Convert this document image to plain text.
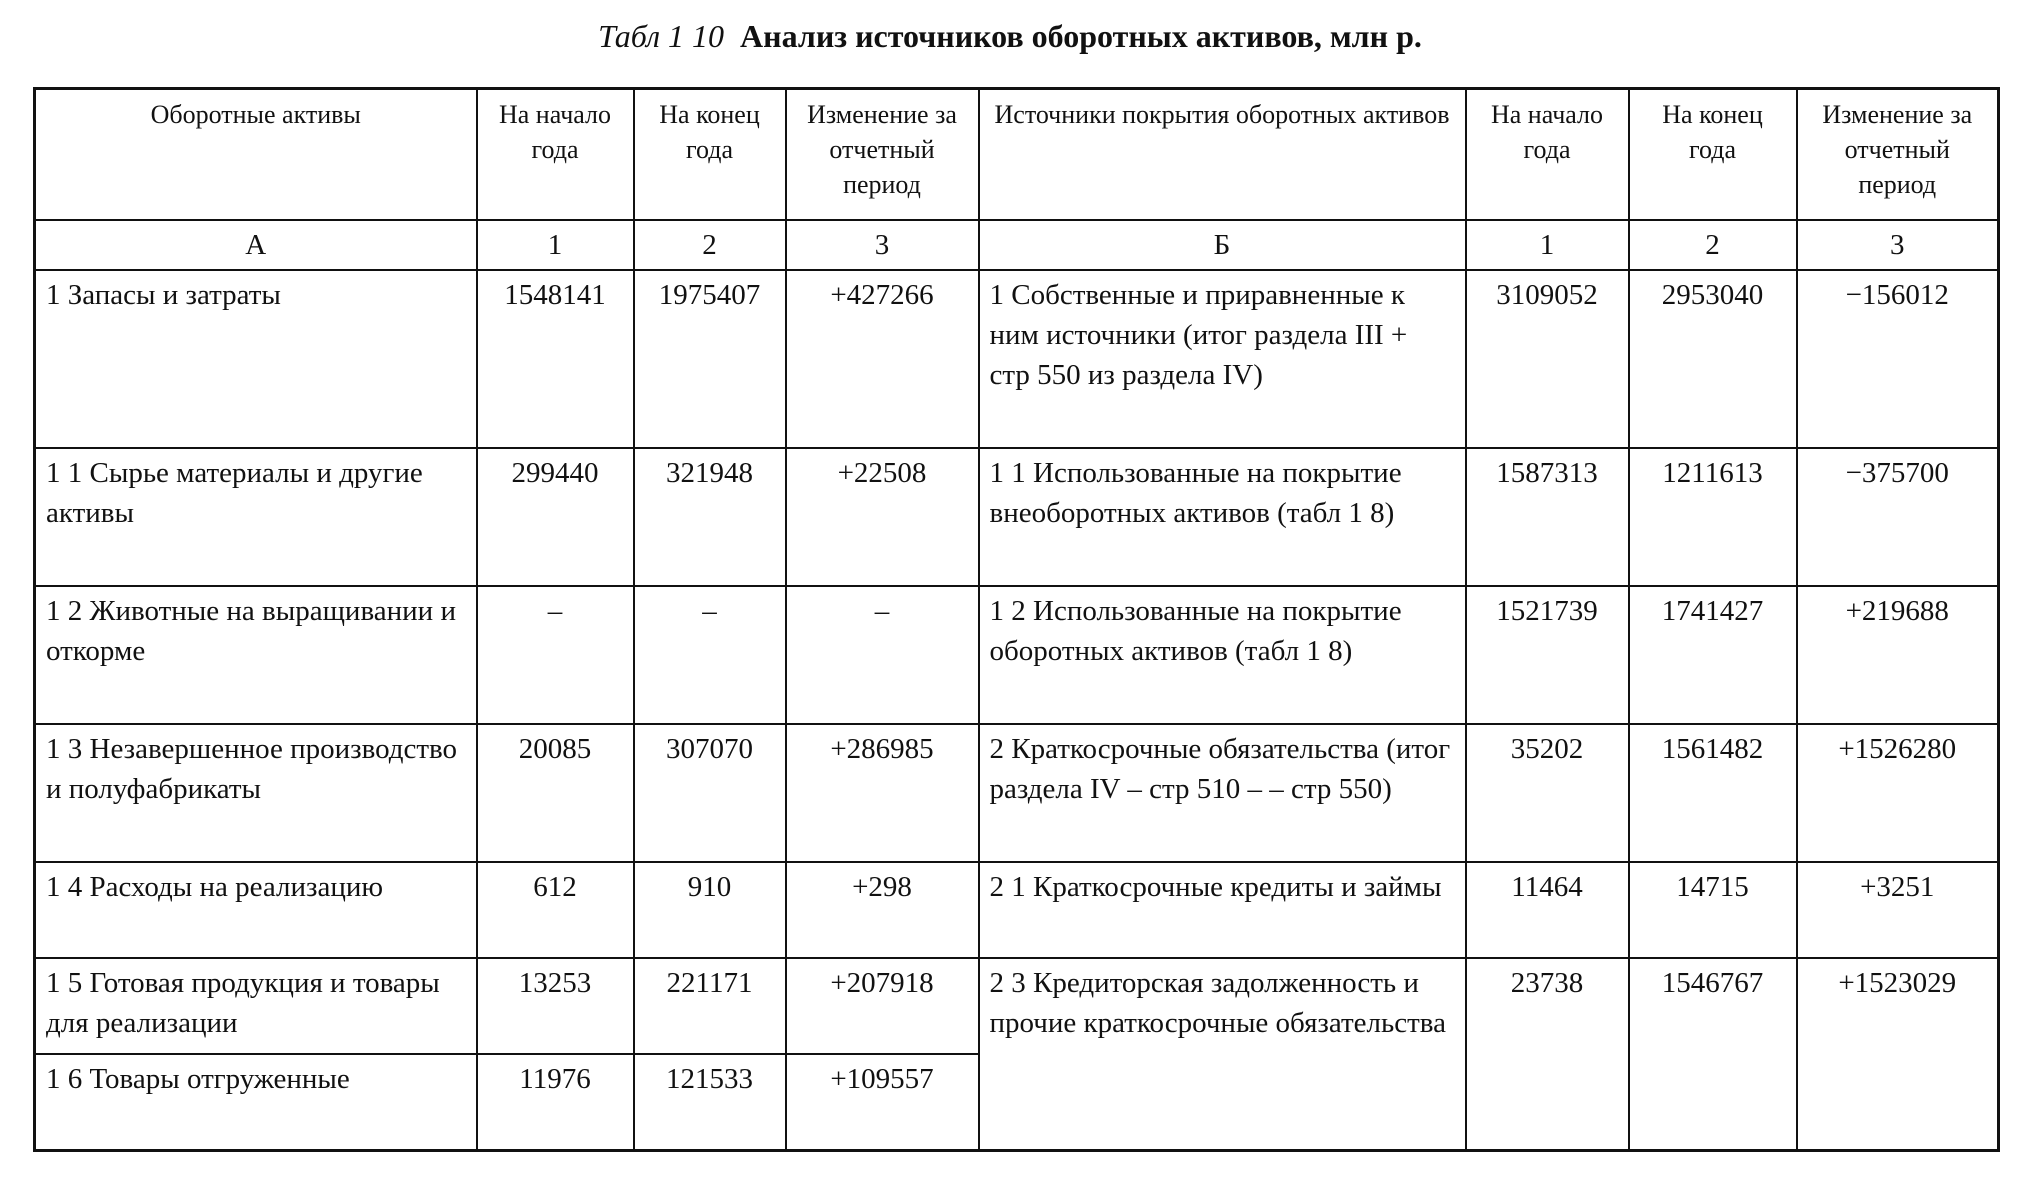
Табл 1 10 Анализ источников оборотных активов, млн р.
Оборотные активы	На начало года	На конец года	Изменение за отчетный период	Источники покрытия оборотных активов	На начало года	На конец года	Изменение за отчетный период
А	1	2	3	Б	1	2	3
1 Запасы и затраты	1548141	1975407	+427266	1 Собственные и приравненные к ним источники (итог раздела III + стр 550 из раздела IV)	3109052	2953040	−156012
1 1 Сырье материалы и другие активы	299440	321948	+22508	1 1 Использованные на покрытие внеоборотных активов (табл 1 8)	1587313	1211613	−375700
1 2 Животные на выращивании и откорме	–	–	–	1 2 Использованные на покрытие оборотных активов (табл 1 8)	1521739	1741427	+219688
1 3 Незавершенное производство и полуфабрикаты	20085	307070	+286985	2 Краткосрочные обязательства (итог раздела IV – стр 510 – – стр 550)	35202	1561482	+1526280
1 4 Расходы на реализацию	612	910	+298	2 1 Краткосрочные кредиты и займы	11464	14715	+3251
1 5 Готовая продукция и товары для реализации	13253	221171	+207918	2 3 Кредиторская задолженность и прочие краткосрочные обязательства	23738	1546767	+1523029
1 6 Товары отгруженные	11976	121533	+109557				
